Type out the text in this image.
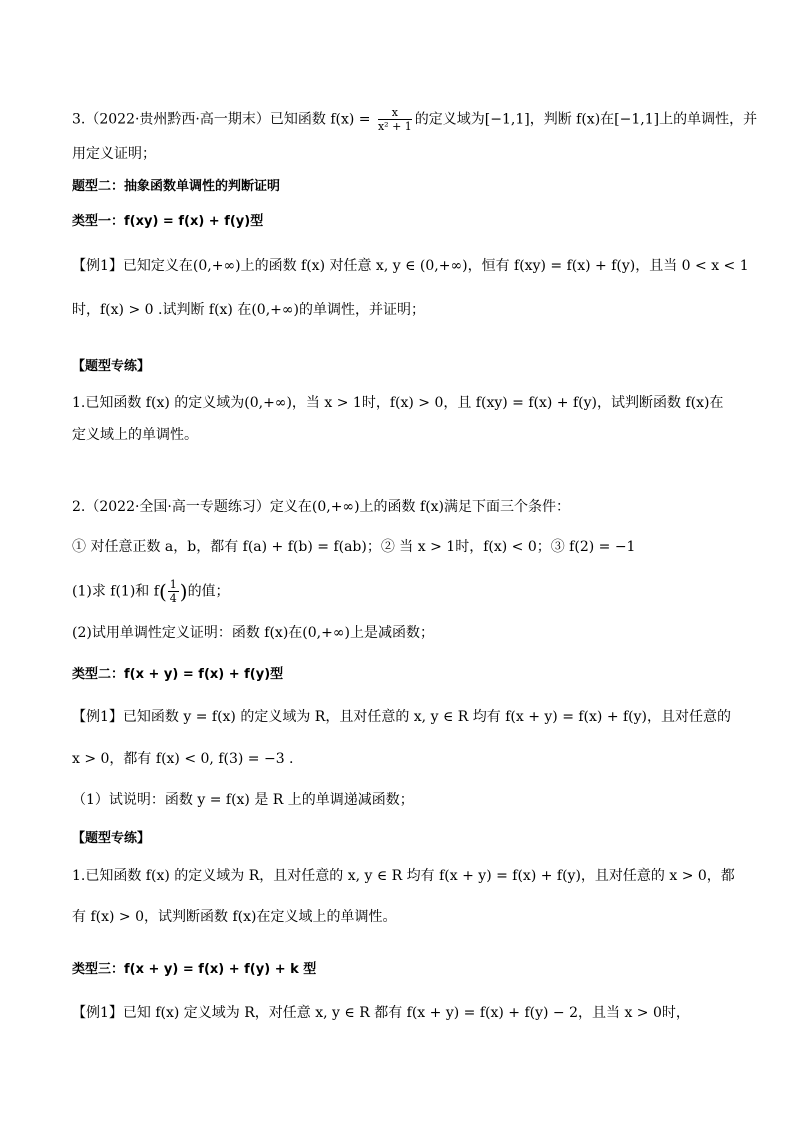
3.（2022·贵州黔西·高一期末）已知函数 $f(x) = \frac{x}{\text{x² + 1}}$ 的定义域为[−1,1]，判断 f(x)在[−1,1]上的单调性，并
用定义证明；
题型二：抽象函数单调性的判断证明
类型一：f(xy) = f(x) + f(y)型
【例1】已知定义在(0,+∞)上的函数 f(x) 对任意 x, y ∈ (0,+∞)，恒有 f(xy) = f(x) + f(y)，且当 0 < x < 1
时，f(x) > 0 .试判断 f(x) 在(0,+∞)的单调性，并证明；
【题型专练】
1.已知函数 f(x) 的定义域为(0,+∞)，当 x > 1时，f(x) > 0，且 f(xy) = f(x) + f(y)，试判断函数 f(x)在
定义域上的单调性。
2.（2022·全国·高一专题练习）定义在(0,+∞)上的函数 f(x)满足下面三个条件：
① 对任意正数 a，b，都有 f(a) + f(b) = f(ab)；② 当 x > 1时，f(x) < 0；③ f(2) = −1
(1)求 f(1)和 $f( \frac{1}{4}$ )的值；
(2)试用单调性定义证明：函数 f(x)在(0,+∞)上是减函数；
类型二：f(x + y) = f(x) + f(y)型
【例1】已知函数 y = f(x) 的定义域为 R，且对任意的 x, y ∈ R 均有 f(x + y) = f(x) + f(y)，且对任意的
x > 0，都有 f(x) < 0, f(3) = −3 .
（1）试说明：函数 y = f(x) 是 R 上的单调递减函数；
【题型专练】
1.已知函数 f(x) 的定义域为 R，且对任意的 x, y ∈ R 均有 f(x + y) = f(x) + f(y)，且对任意的 x > 0，都
有 f(x) > 0，试判断函数 f(x)在定义域上的单调性。
类型三：f(x + y) = f(x) + f(y) + k 型
【例1】已知 f(x) 定义域为 R，对任意 x, y ∈ R 都有 f(x + y) = f(x) + f(y) − 2，且当 x > 0时，
